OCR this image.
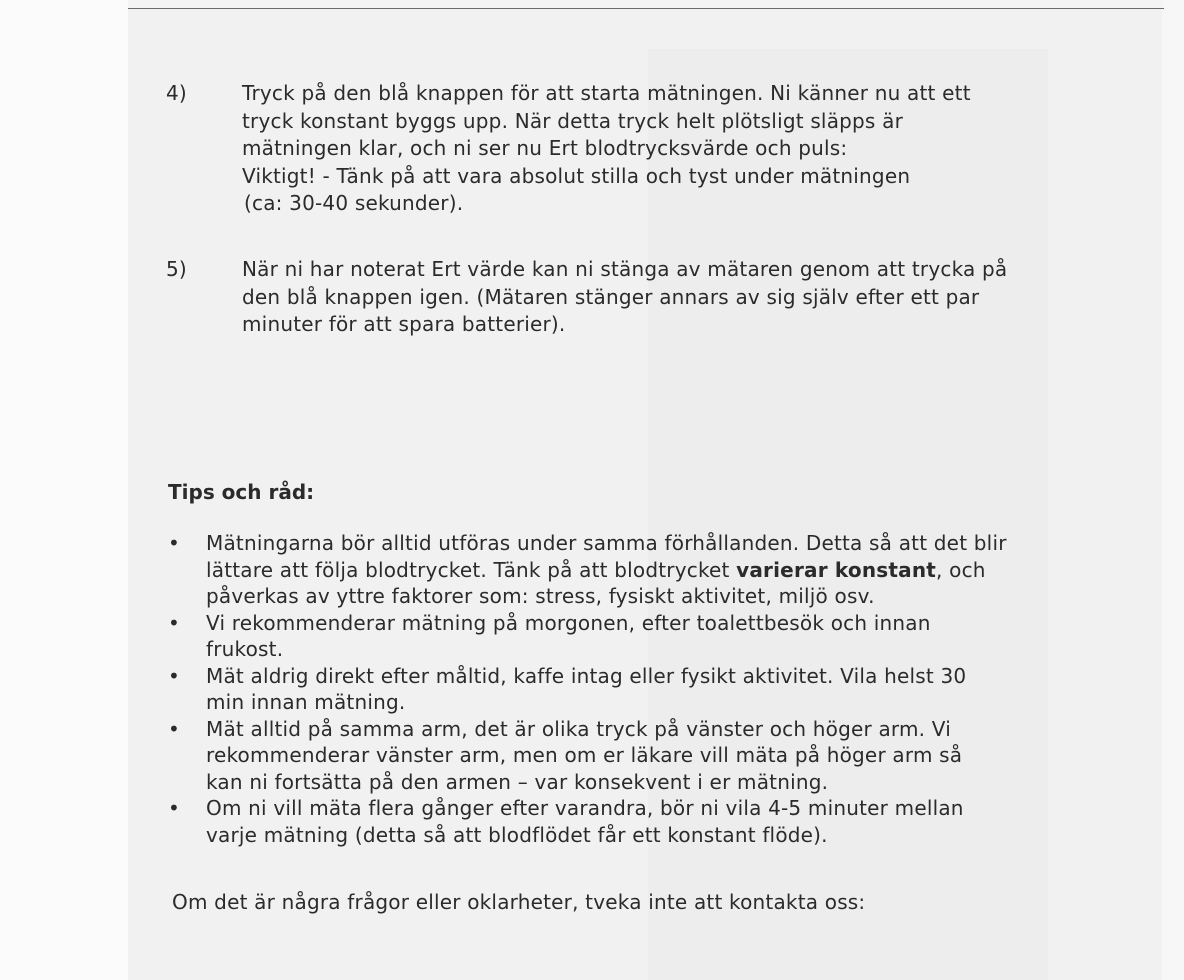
4)	Tryck på den blå knappen för att starta mätningen. Ni känner nu att ett
tryck konstant byggs upp. När detta tryck helt plötsligt släpps är
mätningen klar, och ni ser nu Ert blodtrycksvärde och puls:
Viktigt! - Tänk på att vara absolut stilla och tyst under mätningen
(ca: 30-40 sekunder).
5)	När ni har noterat Ert värde kan ni stänga av mätaren genom att trycka på
den blå knappen igen. (Mätaren stänger annars av sig själv efter ett par
minuter för att spara batterier).
Tips och råd:
• Mätningarna bör alltid utföras under samma förhållanden. Detta så att det blir
lättare att följa blodtrycket. Tänk på att blodtrycket varierar konstant, och
påverkas av yttre faktorer som: stress, fysiskt aktivitet, miljö osv.
• Vi rekommenderar mätning på morgonen, efter toalettbesök och innan
frukost.
• Mät aldrig direkt efter måltid, kaffe intag eller fysikt aktivitet. Vila helst 30
min innan mätning.
• Mät alltid på samma arm, det är olika tryck på vänster och höger arm. Vi
rekommenderar vänster arm, men om er läkare vill mäta på höger arm så
kan ni fortsätta på den armen – var konsekvent i er mätning.
• Om ni vill mäta flera gånger efter varandra, bör ni vila 4-5 minuter mellan
varje mätning (detta så att blodflödet får ett konstant flöde).
Om det är några frågor eller oklarheter, tveka inte att kontakta oss:
